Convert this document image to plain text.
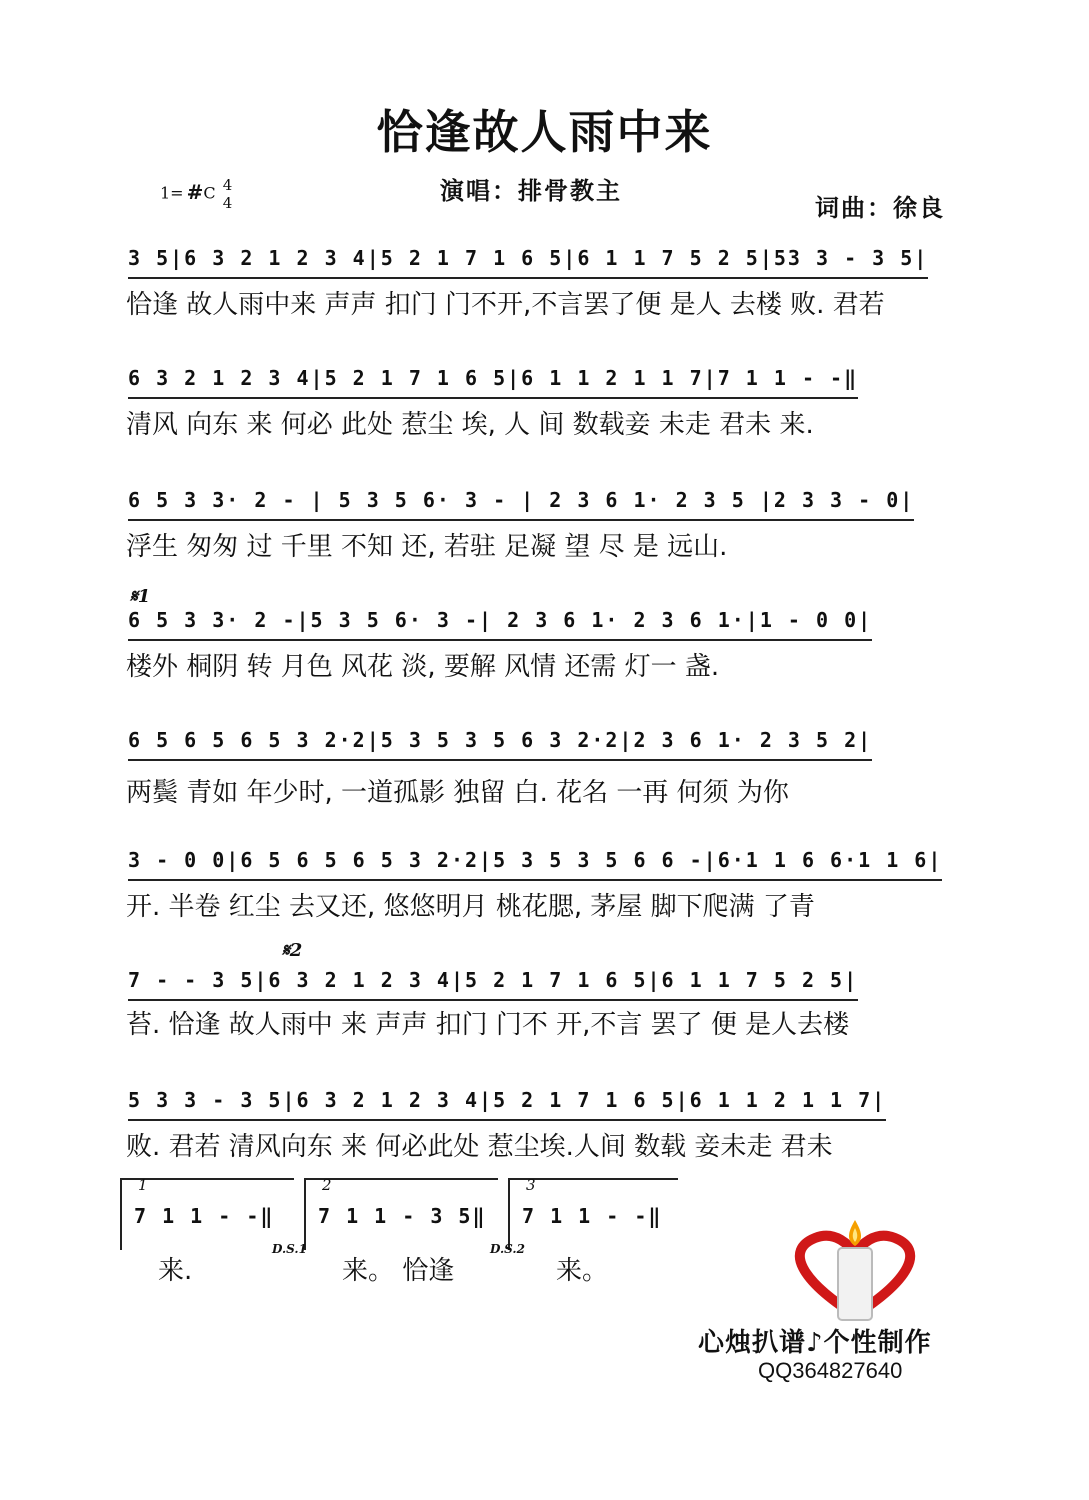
恰逢故人雨中来
1= #C 4
4	演唱：排骨教主
词曲：徐良
3 5|6 3 2 1 2 3 4|5 2 1 7 1 6 5|6 1 1 7 5 2 5|53 3 - 3 5|
恰逢 故人雨中来 声声 扣门 门不开,不言罢了便 是人 去楼 败. 君若
6 3 2 1 2 3 4|5 2 1 7 1 6 5|6 1 1 2 1 1 7|7 1 1 - -‖
清风 向东 来 何必 此处 惹尘 埃, 人 间 数载妾 未走 君未 来.
6 5 3 3· 2 - | 5 3 5 6· 3 - | 2 3 6 1· 2 3 5 |2 3 3 - 0|
浮生 匆匆 过 千里 不知 还, 若驻 足凝 望 尽 是 远山.
𝄋1
6 5 3 3· 2 -|5 3 5 6· 3 -| 2 3 6 1· 2 3 6 1·|1 - 0 0|
楼外 桐阴 转 月色 风花 淡, 要解 风情 还需 灯一 盏.
6 5 6 5 6 5 3 2·2|5 3 5 3 5 6 3 2·2|2 3 6 1· 2 3 5 2|
两鬓 青如 年少时, 一道孤影 独留 白. 花名 一再 何须 为你
3 - 0 0|6 5 6 5 6 5 3 2·2|5 3 5 3 5 6 6 -|6·1 1 6 6·1 1 6|
开. 半卷 红尘 去又还, 悠悠明月 桃花腮, 茅屋 脚下爬满 了青
𝄋2
7 - - 3 5|6 3 2 1 2 3 4|5 2 1 7 1 6 5|6 1 1 7 5 2 5|
苔. 恰逢 故人雨中 来 声声 扣门 门不 开,不言 罢了 便 是人去楼
5 3 3 - 3 5|6 3 2 1 2 3 4|5 2 1 7 1 6 5|6 1 1 2 1 1 7|
败. 君若 清风向东 来 何必此处 惹尘埃.人间 数载 妾未走 君未
1
7 1 1 - -‖
2
7 1 1 - 3 5‖
3
7 1 1 - -‖
来.
D.S.1
来。 恰逢
D.S.2
来。
心烛扒谱♪个性制作
QQ364827640
